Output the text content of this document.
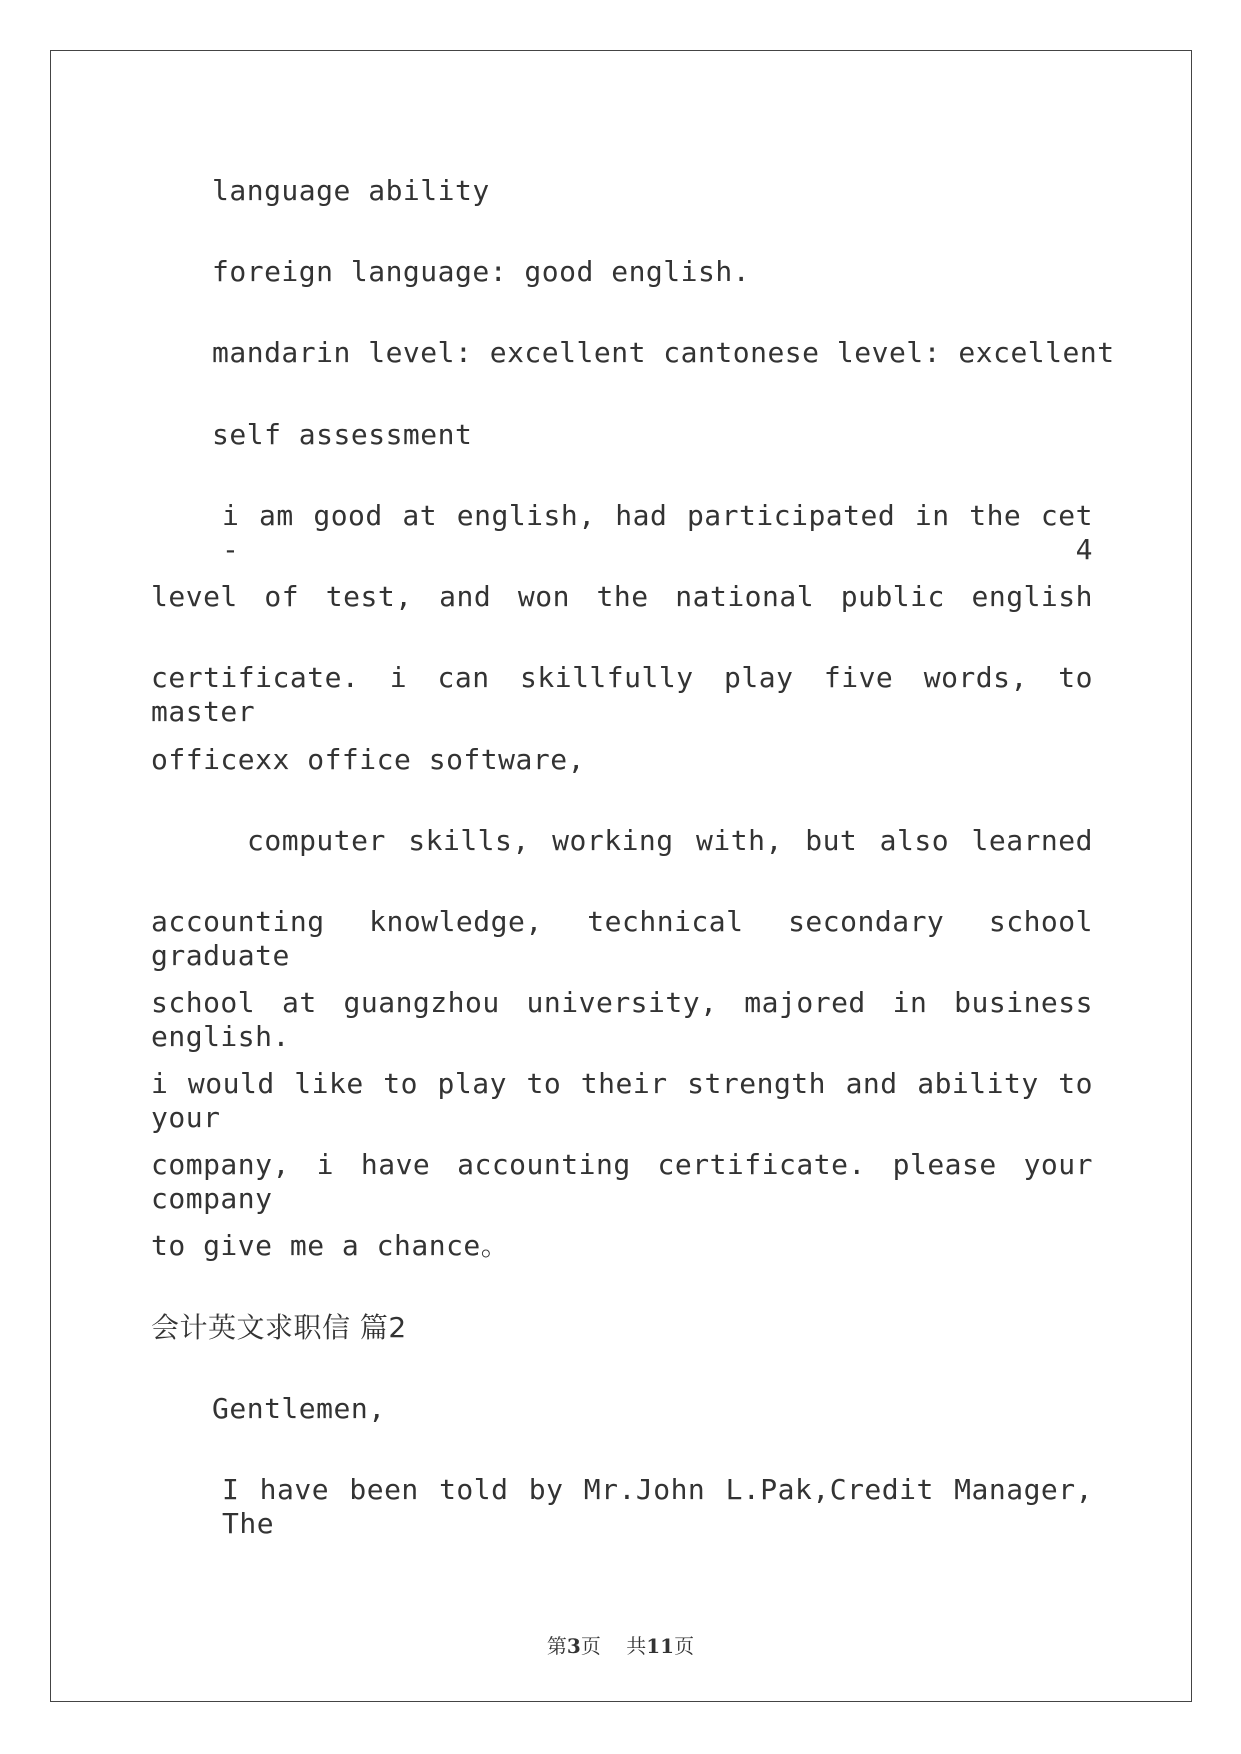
language ability
foreign language: good english.
mandarin level: excellent cantonese level: excellent
self assessment
i am good at english, had participated in the cet - 4
level of test, and won the national public english
certificate. i can skillfully play five words, to master
officexx office software,
computer skills, working with, but also learned
accounting knowledge, technical secondary school graduate
school at guangzhou university, majored in business english.
i would like to play to their strength and ability to your
company, i have accounting certificate. please your company
to give me a chance。
会计英文求职信 篇2
Gentlemen,
I have been told by Mr.John L.Pak,Credit Manager, The
第3页 共11页
